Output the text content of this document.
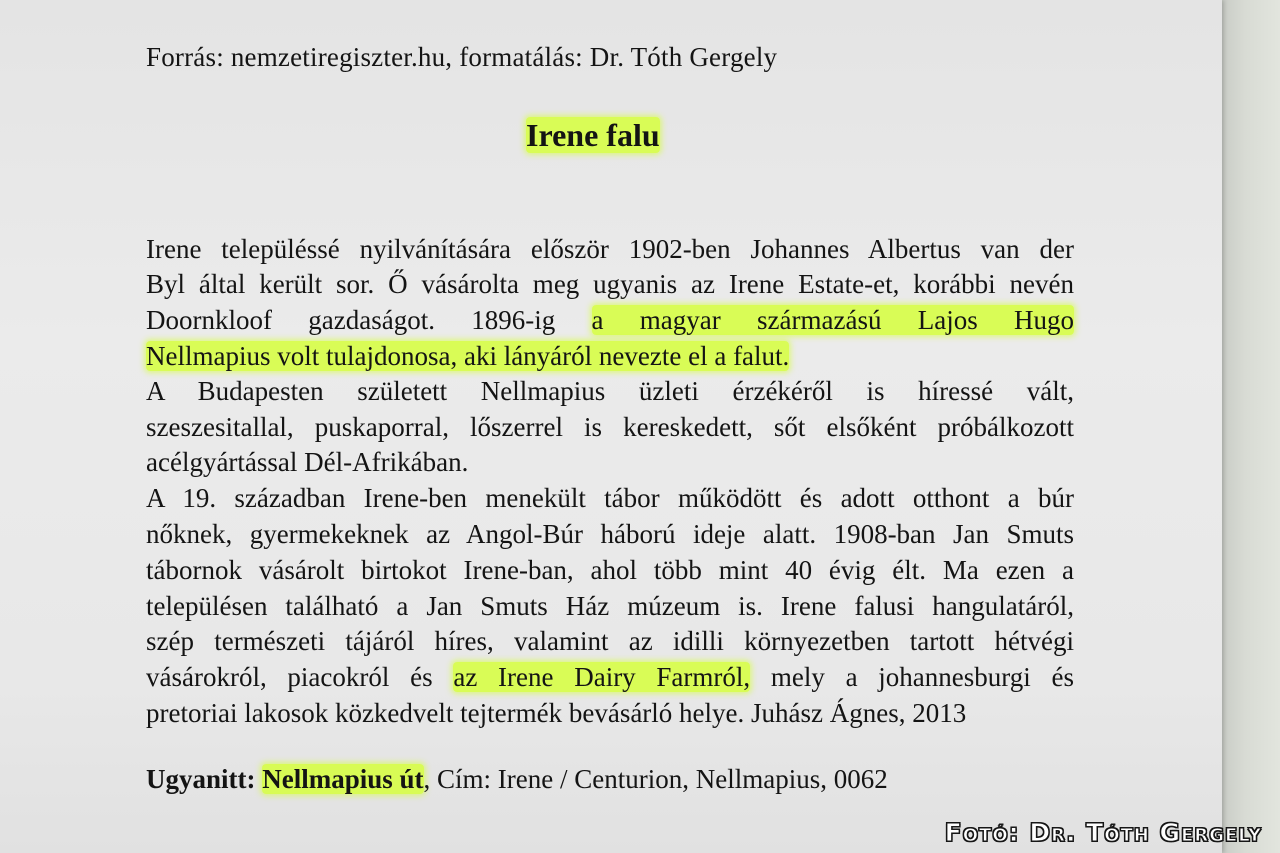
Forrás: nemzetiregiszter.hu, formatálás: Dr. Tóth Gergely
Irene falu
Irene településsé nyilvánítására először 1902-ben Johannes Albertus van der
Byl által került sor. Ő vásárolta meg ugyanis az Irene Estate-et, korábbi nevén
Doornkloof gazdaságot. 1896-ig a magyar származású Lajos Hugo
Nellmapius volt tulajdonosa, aki lányáról nevezte el a falut.
A Budapesten született Nellmapius üzleti érzékéről is híressé vált,
szeszesitallal, puskaporral, lőszerrel is kereskedett, sőt elsőként próbálkozott
acélgyártással Dél-Afrikában.
A 19. században Irene-ben menekült tábor működött és adott otthont a búr
nőknek, gyermekeknek az Angol-Búr háború ideje alatt. 1908-ban Jan Smuts
tábornok vásárolt birtokot Irene-ban, ahol több mint 40 évig élt. Ma ezen a
településen található a Jan Smuts Ház múzeum is. Irene falusi hangulatáról,
szép természeti tájáról híres, valamint az idilli környezetben tartott hétvégi
vásárokról, piacokról és az Irene Dairy Farmról, mely a johannesburgi és
pretoriai lakosok közkedvelt tejtermék bevásárló helye. Juhász Ágnes, 2013
Ugyanitt: Nellmapius út, Cím: Irene / Centurion, Nellmapius, 0062
Fotó: Dr. Tóth Gergely
